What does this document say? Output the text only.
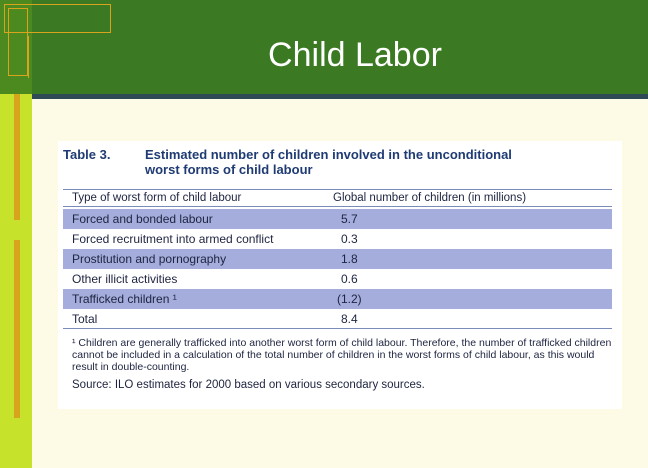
Child Labor
Table 3.	Estimated number of children involved in the unconditional worst forms of child labour
Type of worst form of child labour	Global number of children (in millions)
Forced and bonded labour	5.7
Forced recruitment into armed conflict	0.3
Prostitution and pornography	1.8
Other illicit activities	0.6
Trafficked children ¹	(1.2)
Total	8.4
¹ Children are generally trafficked into another worst form of child labour. Therefore, the number of trafficked children cannot be included in a calculation of the total number of children in the worst forms of child labour, as this would result in double-counting.
Source: ILO estimates for 2000 based on various secondary sources.
